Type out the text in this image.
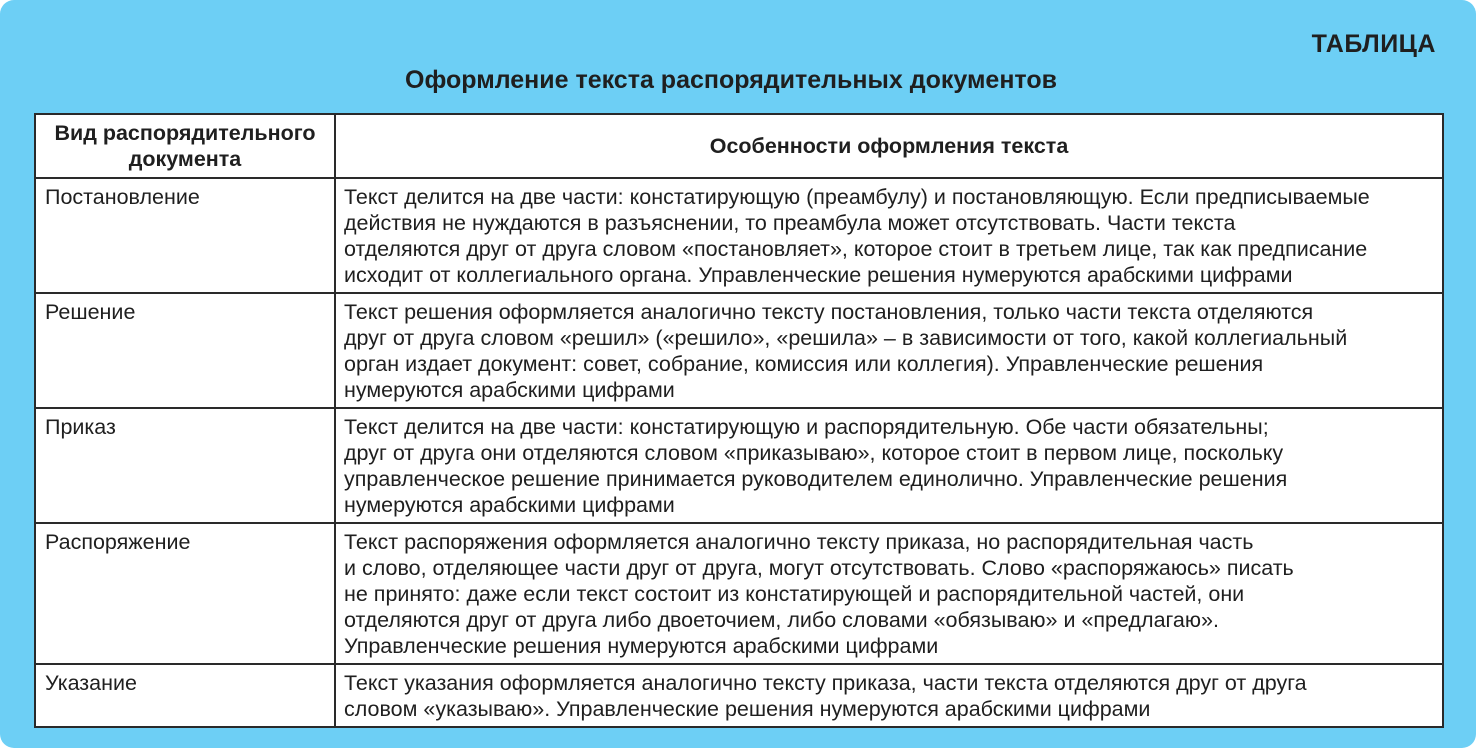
ТАБЛИЦА
Оформление текста распорядительных документов
Вид распорядительного документа	Особенности оформления текста
Постановление	Текст делится на две части: констатирующую (преамбулу) и постановляющую. Если предписываемые
действия не нуждаются в разъяснении, то преамбула может отсутствовать. Части текста
отделяются друг от друга словом «постановляет», которое стоит в третьем лице, так как предписание
исходит от коллегиального органа. Управленческие решения нумеруются арабскими цифрами
Решение	Текст решения оформляется аналогично тексту постановления, только части текста отделяются
друг от друга словом «решил» («решило», «решила» – в зависимости от того, какой коллегиальный
орган издает документ: совет, собрание, комиссия или коллегия). Управленческие решения
нумеруются арабскими цифрами
Приказ	Текст делится на две части: констатирующую и распорядительную. Обе части обязательны;
друг от друга они отделяются словом «приказываю», которое стоит в первом лице, поскольку
управленческое решение принимается руководителем единолично. Управленческие решения
нумеруются арабскими цифрами
Распоряжение	Текст распоряжения оформляется аналогично тексту приказа, но распорядительная часть
и слово, отделяющее части друг от друга, могут отсутствовать. Слово «распоряжаюсь» писать
не принято: даже если текст состоит из констатирующей и распорядительной частей, они
отделяются друг от друга либо двоеточием, либо словами «обязываю» и «предлагаю».
Управленческие решения нумеруются арабскими цифрами
Указание	Текст указания оформляется аналогично тексту приказа, части текста отделяются друг от друга
словом «указываю». Управленческие решения нумеруются арабскими цифрами
